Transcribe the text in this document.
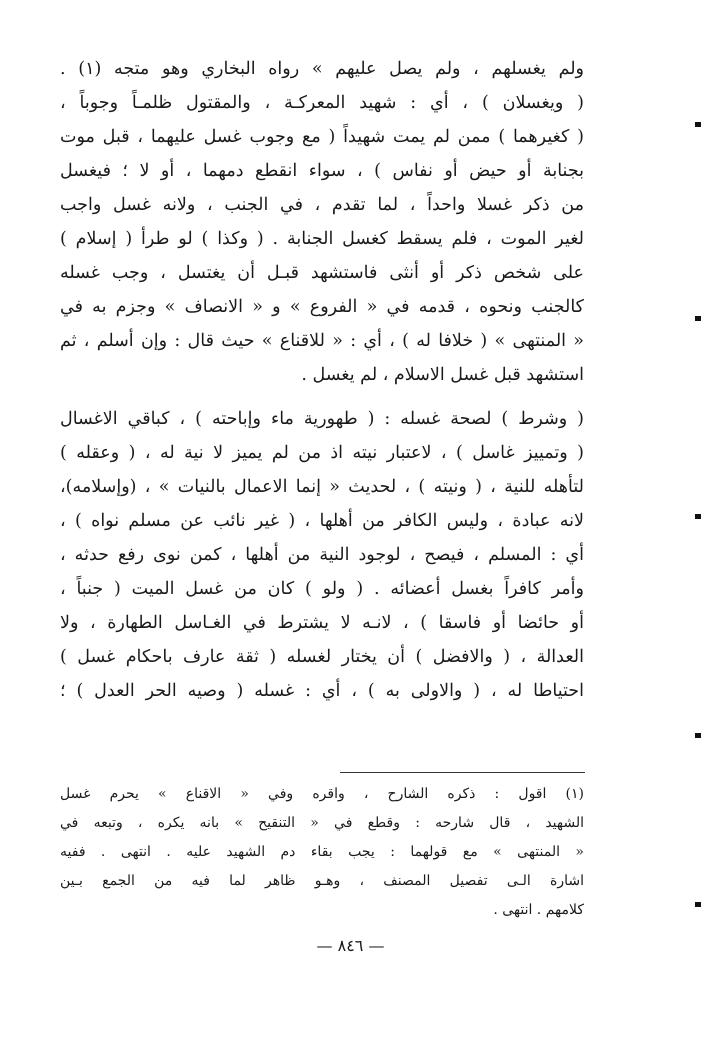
ولم يغسلهم ، ولم يصل عليهم » رواه البخاري وهو متجه (١) .
( ويغسلان ) ، أي : شهيد المعركـة ، والمقتول ظلمـاً وجوباً ،
( كغيرهما ) ممن لم يمت شهيداً ( مع وجوب غسل عليهما ، قبل موت
بجنابة أو حيض أو نفاس ) ، سواء انقطع دمهما ، أو لا ؛ فيغسل
من ذكر غسلا واحداً ، لما تقدم ، في الجنب ، ولانه غسل واجب
لغير الموت ، فلم يسقط كغسل الجنابة . ( وكذا ) لو طرأ ( إسلام )
على شخص ذكر أو أنثى فاستشهد قبـل أن يغتسل ، وجب غسله
كالجنب ونحوه ، قدمه في « الفروع » و « الانصاف » وجزم به في
« المنتهى » ( خلافا له ) ، أي : « للاقناع » حيث قال : وإن أسلم ، ثم
استشهد قبل غسل الاسلام ، لم يغسل .
( وشرط ) لصحة غسله : ( طهورية ماء وإباحته ) ، كباقي الاغسال
( وتمييز غاسل ) ، لاعتبار نيته اذ من لم يميز لا نية له ، ( وعقله )
لتأهله للنية ، ( ونيته ) ، لحديث « إنما الاعمال بالنيات » ، (وإسلامه)،
لانه عبادة ، وليس الكافر من أهلها ، ( غير نائب عن مسلم نواه ) ،
أي : المسلم ، فيصح ، لوجود النية من أهلها ، كمن نوى رفع حدثه ،
وأمر كافراً بغسل أعضائه . ( ولو ) كان من غسل الميت ( جنباً ،
أو حائضا أو فاسقا ) ، لانـه لا يشترط في الغـاسل الطهارة ، ولا
العدالة ، ( والافضل ) أن يختار لغسله ( ثقة عارف باحكام غسل )
احتياطا له ، ( والاولى به ) ، أي : غسله ( وصيه الحر العدل ) ؛
(١) اقول : ذكره الشارح ، واقره وفي « الاقناع » يحرم غسل
الشهيد ، قال شارحه : وقطع في « التنقيح » بانه يكره ، وتبعه في
« المنتهى » مع قولهما : يجب بقاء دم الشهيد عليه . انتهى . ففيه
اشارة الـى تفصيل المصنف ، وهـو ظاهر لما فيه من الجمع بـين
كلامهم . انتهى .
— ٨٤٦ —
